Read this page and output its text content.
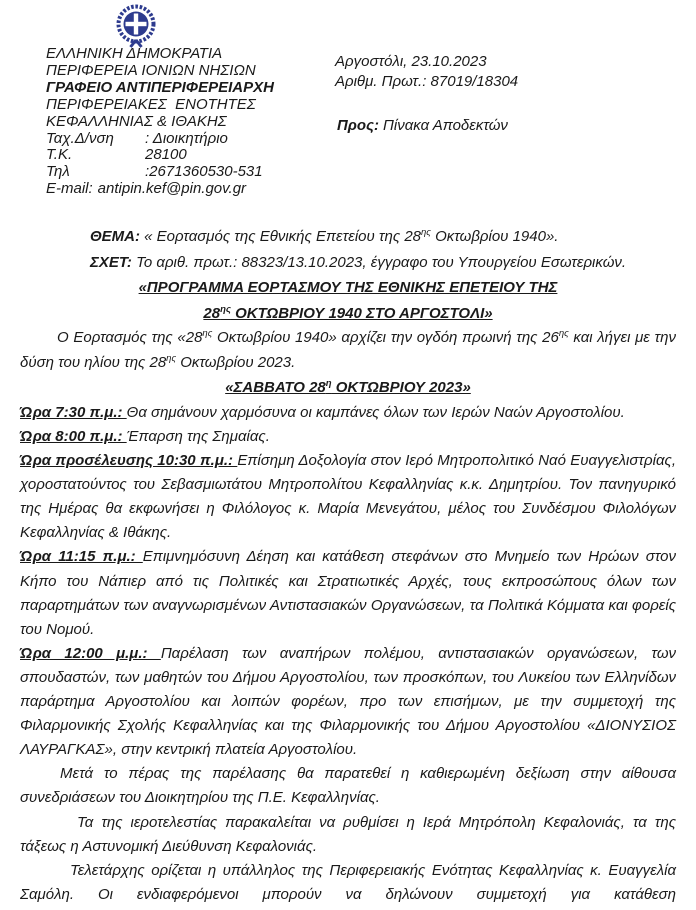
ΕΛΛΗΝΙΚΗ ΔΗΜΟΚΡΑΤΙΑ
ΠΕΡΙΦΕΡΕΙΑ ΙΟΝΙΩΝ ΝΗΣΙΩΝ
ΓΡΑΦΕΙΟ ΑΝΤΙΠΕΡΙΦΕΡΕΙΑΡΧΗ
ΠΕΡΙΦΕΡΕΙΑΚΕΣ  ΕΝΟΤΗΤΕΣ
ΚΕΦΑΛΛΗΝΙΑΣ & ΙΘΑΚΗΣ
Ταχ.Δ/νση	: Διοικητήριο
Τ.Κ.	28100
Τηλ	:2671360530-531
E-mail: antipin.kef@pin.gov.gr
Αργοστόλι, 23.10.2023
Αριθμ. Πρωτ.: 87019/18304
Προς: Πίνακα Αποδεκτών

ΘΕΜΑ: « Εορτασμός της Εθνικής Επετείου της $28^{\eta\varsigma}$ Οκτωβρίου 1940».

ΣΧΕΤ: Το αριθ. πρωτ.: 88323/13.10.2023, έγγραφο του Υπουργείου Εσωτερικών.

«ΠΡΟΓΡΑΜΜΑ ΕΟΡΤΑΣΜΟΥ ΤΗΣ ΕΘΝΙΚΗΣ ΕΠΕΤΕΙΟΥ ΤΗΣ

$28^{\eta\varsigma}$ ΟΚΤΩΒΡΙΟΥ 1940 ΣΤΟ ΑΡΓΟΣΤΟΛΙ»

Ο Εορτασμός της «$28^{\eta\varsigma}$ Οκτωβρίου 1940» αρχίζει την ογδόη πρωινή της $26^{\eta\varsigma}$ και λήγει με την δύση του ηλίου της $28^{\eta\varsigma}$ Οκτωβρίου 2023.

«ΣΑΒΒΑΤΟ $28^\eta$ ΟΚΤΩΒΡΙΟΥ 2023»

Ώρα 7:30 π.μ.: Θα σημάνουν χαρμόσυνα οι καμπάνες όλων των Ιερών Ναών Αργοστολίου.

Ώρα 8:00 π.μ.: Έπαρση της Σημαίας.

Ώρα προσέλευσης 10:30 π.μ.: Επίσημη Δοξολογία στον Ιερό Μητροπολιτικό Ναό Ευαγγελιστρίας, χοροστατούντος του Σεβασμιωτάτου Μητροπολίτου Κεφαλληνίας κ.κ. Δημητρίου. Τον πανηγυρικό της Ημέρας θα εκφωνήσει η Φιλόλογος κ. Μαρία Μενεγάτου, μέλος του Συνδέσμου Φιλολόγων Κεφαλληνίας & Ιθάκης.

Ώρα 11:15 π.μ.: Επιμνημόσυνη Δέηση και κατάθεση στεφάνων στο Μνημείο των Ηρώων στον Κήπο του Νάπιερ από τις Πολιτικές και Στρατιωτικές Αρχές, τους εκπροσώπους όλων των παραρτημάτων των αναγνωρισμένων Αντιστασιακών Οργανώσεων, τα Πολιτικά Κόμματα και φορείς του Νομού.

Ώρα 12:00 μ.μ.: Παρέλαση των αναπήρων πολέμου, αντιστασιακών οργανώσεων, των σπουδαστών, των μαθητών του Δήμου Αργοστολίου, των προσκόπων, του Λυκείου των Ελληνίδων παράρτημα Αργοστολίου και λοιπών φορέων, προ των επισήμων, με την συμμετοχή της Φιλαρμονικής Σχολής Κεφαλληνίας και της Φιλαρμονικής του Δήμου Αργοστολίου «ΔΙΟΝΥΣΙΟΣ ΛΑΥΡΑΓΚΑΣ», στην κεντρική πλατεία Αργοστολίου.

Μετά το πέρας της παρέλασης θα παρατεθεί η καθιερωμένη δεξίωση στην αίθουσα συνεδριάσεων του Διοικητηρίου της Π.Ε. Κεφαλληνίας.

Τα της ιεροτελεστίας παρακαλείται να ρυθμίσει η Ιερά Μητρόπολη Κεφαλονιάς, τα της τάξεως η Αστυνομική Διεύθυνση Κεφαλονιάς.

Τελετάρχης ορίζεται η υπάλληλος της Περιφερειακής Ενότητας Κεφαλληνίας κ. Ευαγγελία Σαμόλη. Οι ενδιαφερόμενοι μπορούν να δηλώνουν συμμετοχή για κατάθεση
